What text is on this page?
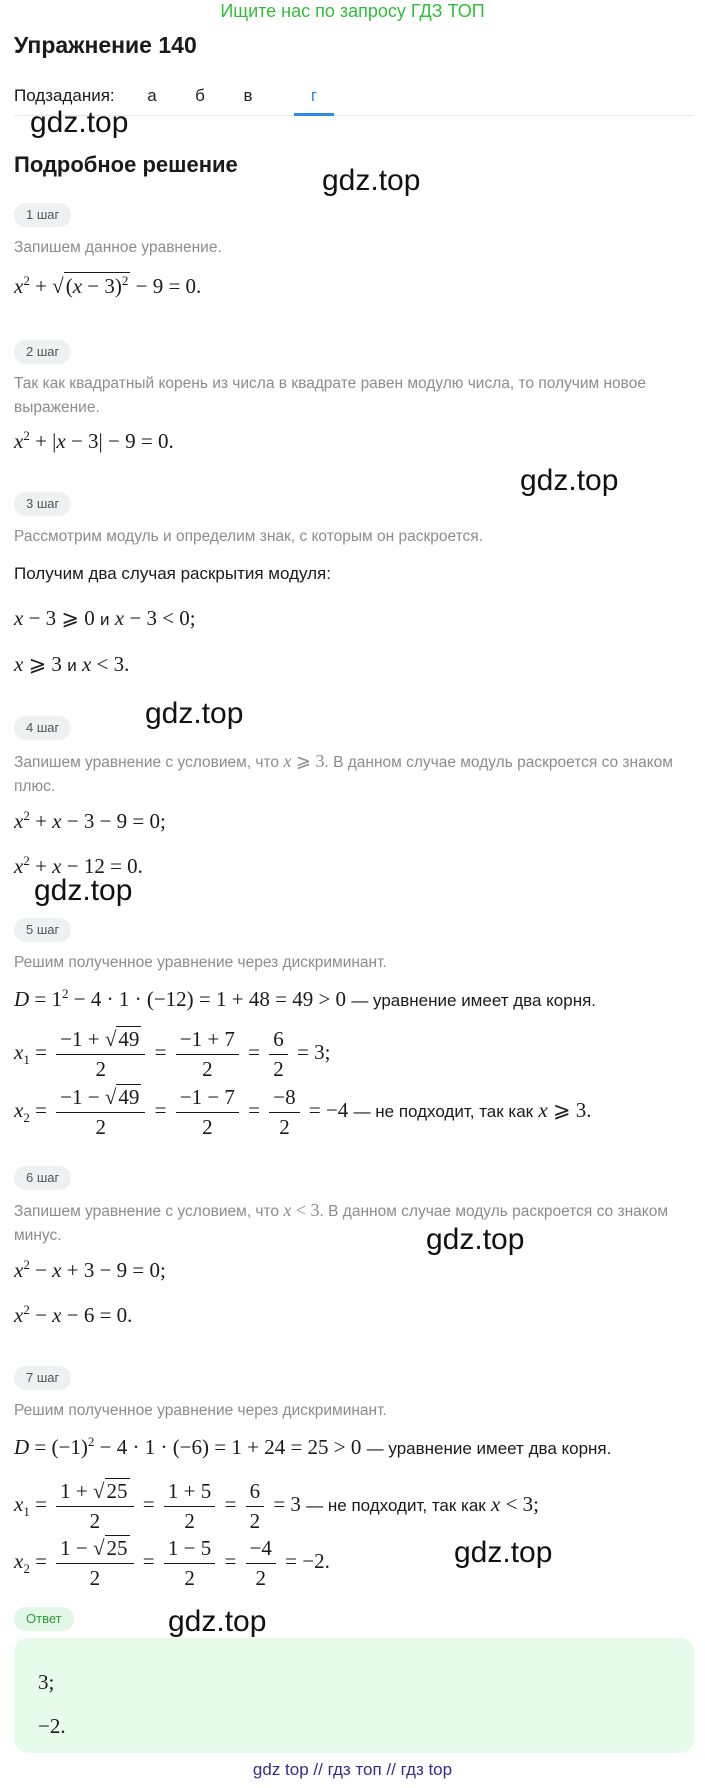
Ищите нас по запросу ГДЗ ТОП
Упражнение 140
Подзадания:	а	б	в	г
Подробное решение
gdz.top
gdz.top
gdz.top
gdz.top
gdz.top
gdz.top
gdz.top
gdz.top
1 шаг
Запишем данное уравнение.
$x^2 + √(x - 3)^2 - 9 = 0$.
2 шаг
Так как квадратный корень из числа в квадрате равен модулю числа, то получим новое выражение.
$x^2 + |x - 3| - 9 = 0$.
3 шаг
Рассмотрим модуль и определим знак, с которым он раскроется.
Получим два случая раскрытия модуля:
x − 3 ⩾ 0 и x − 3 < 0;
x ⩾ 3 и x < 3.
4 шаг
Запишем уравнение с условием, что x ⩾ 3. В данном случае модуль раскроется со знаком плюс.
$x^2 + x - 3 - 9 = 0$;
$x^2 + x - 12 = 0$.
5 шаг
Решим полученное уравнение через дискриминант.
$D = 1^2 - 4 \cdot 1 \cdot (-12) = 1 + 48 = 49 > 0$ — уравнение имеет два корня.
$x_1 = \frac{-1 + √49}{2} = \frac{-1 + 7}{2} = \frac{6}{2} = 3$;
$x_2 = \frac{-1 - √49}{2} = \frac{-1 - 7}{2} = \frac{-8}{2} = -4$ — не подходит, так как x ⩾ 3.
6 шаг
Запишем уравнение с условием, что x < 3. В данном случае модуль раскроется со знаком минус.
$x^2 - x + 3 - 9 = 0$;
$x^2 - x - 6 = 0$.
7 шаг
Решим полученное уравнение через дискриминант.
$D = (-1)^2 - 4 \cdot 1 \cdot (-6) = 1 + 24 = 25 > 0$ — уравнение имеет два корня.
$x_1 = \frac{1 + √25}{2} = \frac{1 + 5}{2} = \frac{6}{2} = 3$ — не подходит, так как x < 3;
$x_2 = \frac{1 - √25}{2} = \frac{1 - 5}{2} = \frac{-4}{2} = -2$.
Ответ
3;
−2.
gdz top // гдз топ // гдз top
